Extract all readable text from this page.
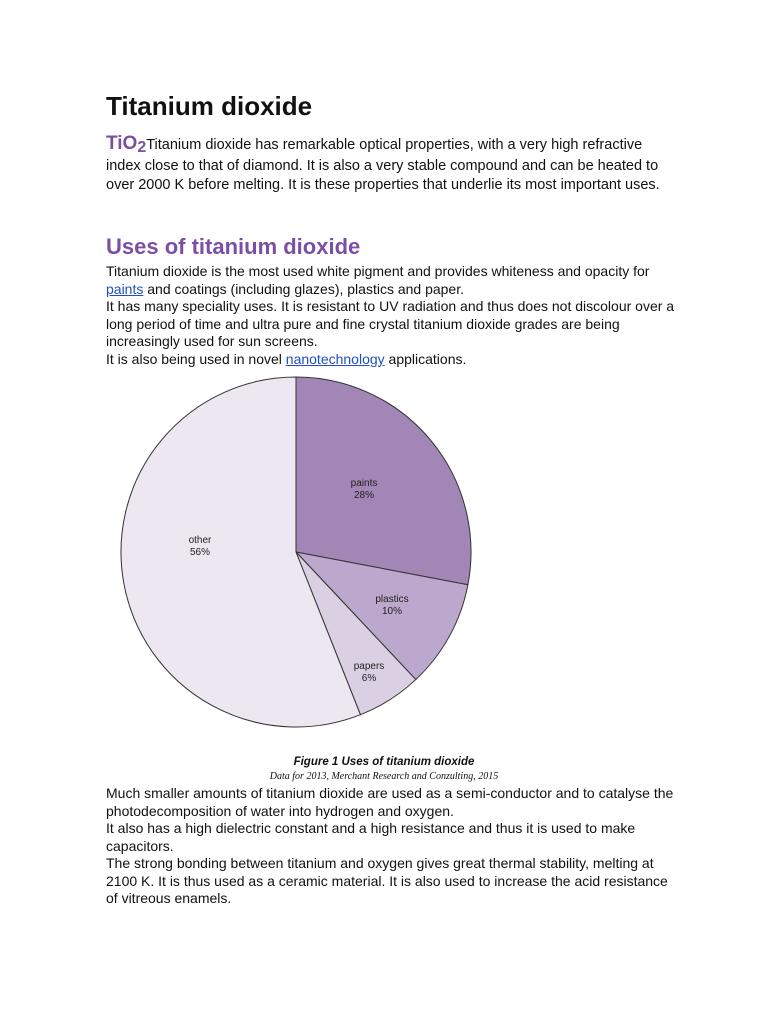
Titanium dioxide

TiO$_2$Titanium dioxide has remarkable optical properties, with a very high refractive index close to that of diamond. It is also a very stable compound and can be heated to over 2000 K before melting. It is these properties that underlie its most important uses.

Uses of titanium dioxide

Titanium dioxide is the most used white pigment and provides whiteness and opacity for paints and coatings (including glazes), plastics and paper.

It has many speciality uses. It is resistant to UV radiation and thus does not discolour over a long period of time and ultra pure and fine crystal titanium dioxide grades are being increasingly used for sun screens.

It is also being used in novel nanotechnology applications.

paints
28%
plastics
10%
papers
6%
other
56%

Figure 1 Uses of titanium dioxide

Data for 2013, Merchant Research and Conzulting, 2015

Much smaller amounts of titanium dioxide are used as a semi-conductor and to catalyse the photodecomposition of water into hydrogen and oxygen.

It also has a high dielectric constant and a high resistance and thus it is used to make capacitors.

The strong bonding between titanium and oxygen gives great thermal stability, melting at 2100 K. It is thus used as a ceramic material. It is also used to increase the acid resistance of vitreous enamels.
